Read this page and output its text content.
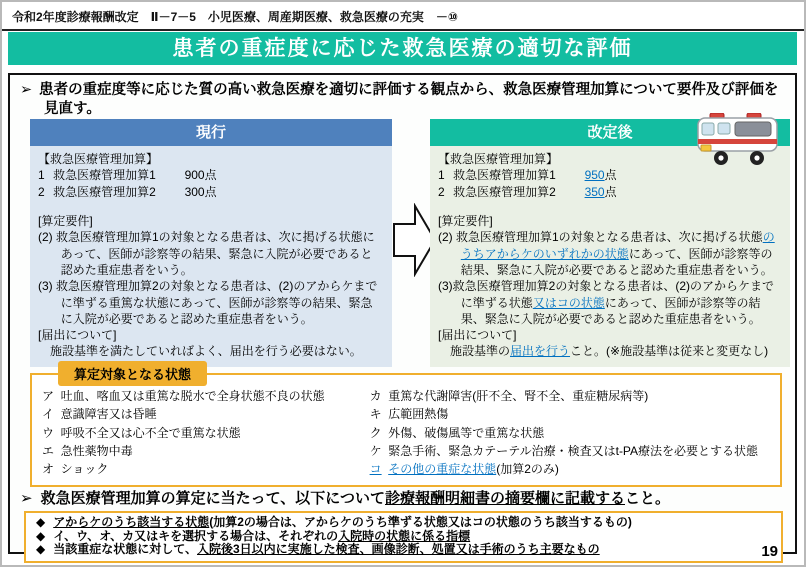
令和2年度診療報酬改定　Ⅱ－7－5　小児医療、周産期医療、救急医療の充実　－⑩
患者の重症度に応じた救急医療の適切な評価
➢ 患者の重症度等に応じた質の高い救急医療を適切に評価する観点から、救急医療管理加算について要件及び評価を見直す。
現行
【救急医療管理加算】
1 救急医療管理加算1 900点
2 救急医療管理加算2 300点
[算定要件]

(2) 救急医療管理加算1の対象となる患者は、次に掲げる状態にあって、医師が診察等の結果、緊急に入院が必要であると認めた重症患者をいう。

(3) 救急医療管理加算2の対象となる患者は、(2)のアからケまでに準ずる重篤な状態にあって、医師が診察等の結果、緊急に入院が必要であると認めた重症患者をいう。

[届出について]

施設基準を満たしていればよく、届出を行う必要はない。

改定後
【救急医療管理加算】
1 救急医療管理加算1 950点
2 救急医療管理加算2 350点
[算定要件]

(2) 救急医療管理加算1の対象となる患者は、次に掲げる状態のうちアからケのいずれかの状態にあって、医師が診察等の結果、緊急に入院が必要であると認めた重症患者をいう。

(3)救急医療管理加算2の対象となる患者は、(2)のアからケまでに準ずる状態又はコの状態にあって、医師が診察等の結果、緊急に入院が必要であると認めた重症患者をいう。

[届出について]

施設基準の届出を行うこと。(※施設基準は従来と変更なし)

算定対象となる状態
ア 吐血、喀血又は重篤な脱水で全身状態不良の状態
イ 意識障害又は昏睡
ウ 呼吸不全又は心不全で重篤な状態
エ 急性薬物中毒
オ ショック
カ 重篤な代謝障害(肝不全、腎不全、重症糖尿病等)
キ 広範囲熱傷
ク 外傷、破傷風等で重篤な状態
ケ 緊急手術、緊急カテーテル治療・検査又はt-PA療法を必要とする状態
コ その他の重症な状態(加算2のみ)
➢ 救急医療管理加算の算定に当たって、以下について診療報酬明細書の摘要欄に記載すること。
◆ アからケのうち該当する状態(加算2の場合は、アからケのうち準ずる状態又はコの状態のうち該当するもの)
◆ イ、ウ、オ、カ又はキを選択する場合は、それぞれの入院時の状態に係る指標
◆ 当該重症な状態に対して、入院後3日以内に実施した検査、画像診断、処置又は手術のうち主要なもの	19
